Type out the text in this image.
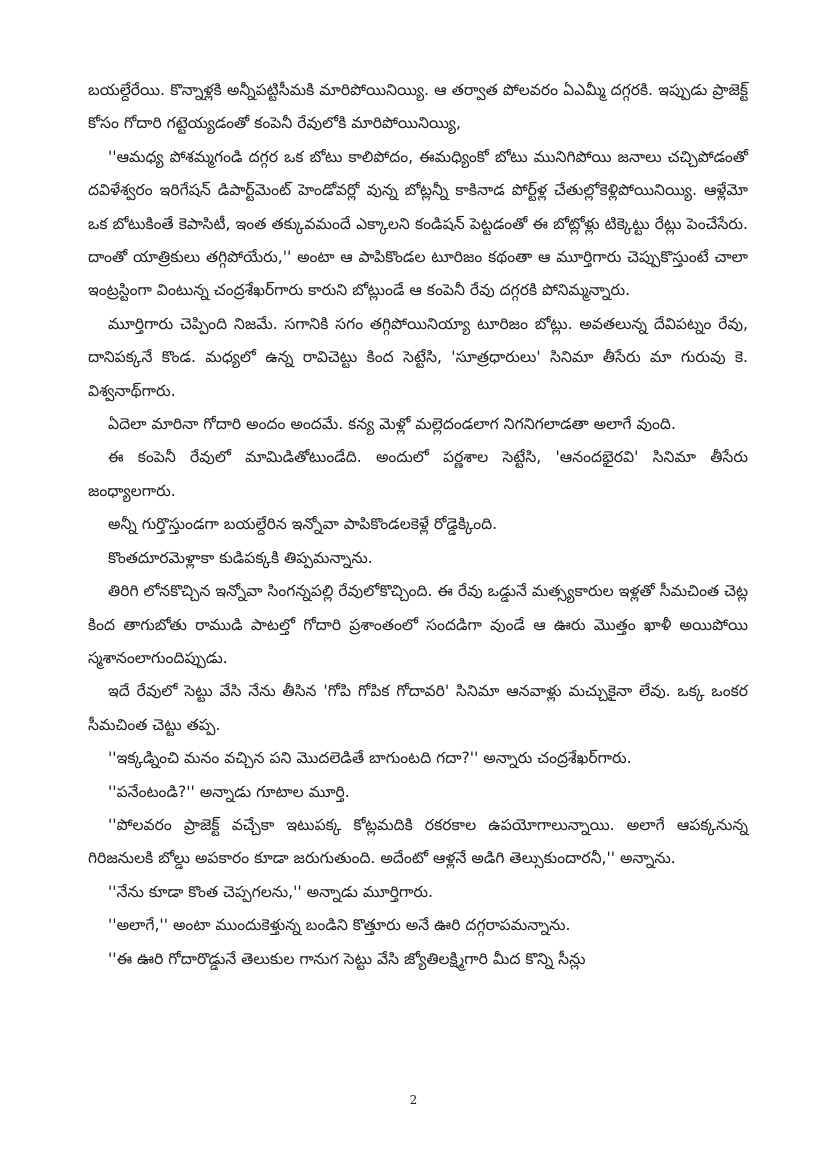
బయల్దేరేయి. కొన్నాళ్లకి అన్నీపట్టిసీమకి మారిపోయినియ్యి. ఆ తర్వాత పోలవరం ఏఎమ్మీ దగ్గరకి. ఇప్పుడు ప్రాజెక్ట్ కోసం గోదారి గట్టెయ్యడంతో కంపెనీ రేవులోకి మారిపోయినియ్యి,

''ఆమధ్య పోశమ్మగండి దగ్గర ఒక బోటు కాలిపోదం, ఈమధ్యింకో బోటు మునిగిపోయి జనాలు చచ్చిపోడంతో దవిళేశ్వరం ఇరిగేషన్ డిపార్ట్‌మెంట్ హెండోవర్లో వున్న బోట్లన్నీ కాకినాడ పోర్ట్‌ళ్ల చేతుల్లోకెళ్లిపోయినియ్యి. ఆళ్లేమో ఒక బోటుకింతే కెపాసిటీ, ఇంత తక్కువమందే ఎక్కాలని కండిషన్ పెట్టడంతో ఈ బోట్లోళ్లు టిక్కెట్టు రేట్లు పెంచేసేరు. దాంతో యాత్రికులు తగ్గిపోయేరు,'' అంటా ఆ పాపికొండల టూరిజం కథంతా ఆ మూర్తిగారు చెప్పుకొస్తుంటే చాలా ఇంట్రస్టింగా వింటున్న చంద్రశేఖర్‌గారు కారుని బోట్లుండే ఆ కంపెనీ రేవు దగ్గరకి పోనిమ్మన్నారు.

మూర్తిగారు చెప్పింది నిజమే. సగానికి సగం తగ్గిపోయినియ్యా టూరిజం బోట్లు. అవతలున్న దేవిపట్నం రేవు, దానిపక్కనే కొండ. మధ్యలో ఉన్న రావిచెట్టు కింద సెట్టేసి, 'సూత్రధారులు' సినిమా తీసేరు మా గురువు కె. విశ్వనాథ్‌గారు.

ఏదెలా మారినా గోదారి అందం అందమే. కన్య మెళ్లో మల్లెదండలాగ నిగనిగలాడతా అలాగే వుంది.

ఈ కంపెనీ రేవులో మామిడితోటుండేది. అందులో పర్ణశాల సెట్టేసి, 'ఆనందభైరవి' సినిమా తీసేరు జంధ్యాలగారు.

అన్నీ గుర్తొస్తుండగా బయల్దేరిన ఇన్నోవా పాపికొండలకెళ్లే రోడ్డెక్కింది.

కొంతదూరమెళ్లాకా కుడిపక్కకి తిప్పమన్నాను.

తిరిగి లోనకొచ్చిన ఇన్నోవా సింగన్నపల్లి రేవులోకొచ్చింది. ఈ రేవు ఒడ్డునే మత్స్యకారుల ఇళ్లతో సీమచింత చెట్ల కింద తాగుబోతు రాముడి పాటల్తో గోదారి ప్రశాంతంలో సందడిగా వుండే ఆ ఊరు మొత్తం ఖాళీ అయిపోయి స్మశానంలాగుందిప్పుడు.

ఇదే రేవులో సెట్టు వేసి నేను తీసిన 'గోపి గోపిక గోదావరి' సినిమా ఆనవాళ్లు మచ్చుకైనా లేవు. ఒక్క ఒంకర సీమచింత చెట్టు తప్ప.

''ఇక్కడ్నించి మనం వచ్చిన పని మొదలెడితే బాగుంటది గదా?'' అన్నారు చంద్రశేఖర్‌గారు.

''పనేంటండి?'' అన్నాడు గూటాల మూర్తి.

''పోలవరం ప్రాజెక్ట్ వచ్చేకా ఇటుపక్క కోట్లమదికి రకరకాల ఉపయోగాలున్నాయి. అలాగే ఆపక్కనున్న గిరిజనులకి బోల్డు అపకారం కూడా జరుగుతుంది. అదేంటో ఆళ్లనే అడిగి తెల్సుకుందారనీ,'' అన్నాను.

''నేను కూడా కొంత చెప్పగలను,'' అన్నాడు మూర్తిగారు.

''అలాగే,'' అంటా ముందుకెళ్తున్న బండిని కొత్తూరు అనే ఊరి దగ్గరాపమన్నాను.

''ఈ ఊరి గోదారొడ్డునే తెలుకుల గానుగ సెట్టు వేసి జ్యోతిలక్ష్మిగారి మీద కొన్ని సీన్లు

2
